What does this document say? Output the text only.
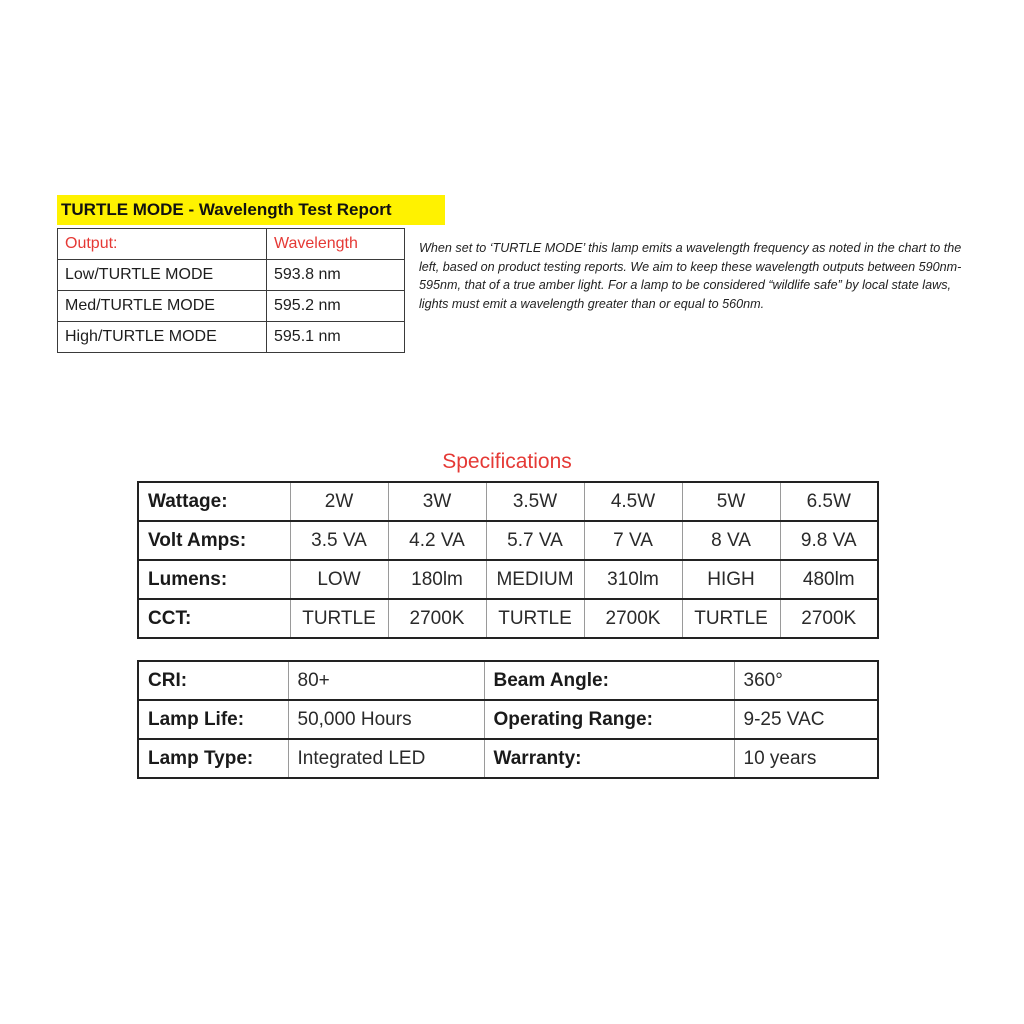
TURTLE MODE - Wavelength Test Report
Output:	Wavelength
Low/TURTLE MODE	593.8 nm
Med/TURTLE MODE	595.2 nm
High/TURTLE MODE	595.1 nm

When set to ‘TURTLE MODE’ this lamp emits a wavelength frequency as noted in the chart to the left, based on product testing reports. We aim to keep these wavelength outputs between 590nm-595nm, that of a true amber light. For a lamp to be considered “wildlife safe” by local state laws, lights must emit a wavelength greater than or equal to 560nm.

Specifications
Wattage:	2W	3W	3.5W	4.5W	5W	6.5W
Volt Amps:	3.5 VA	4.2 VA	5.7 VA	7 VA	8 VA	9.8 VA
Lumens:	LOW	180lm	MEDIUM	310lm	HIGH	480lm
CCT:	TURTLE	2700K	TURTLE	2700K	TURTLE	2700K
CRI:	80+	Beam Angle:	360°
Lamp Life:	50,000 Hours	Operating Range:	9-25 VAC
Lamp Type:	Integrated LED	Warranty:	10 years
